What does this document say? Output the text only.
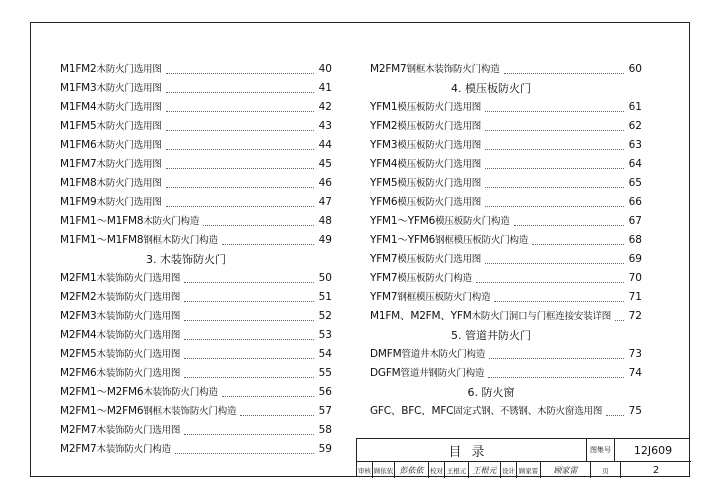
M1FM2木防火门选用图	40
M1FM3木防火门选用图	41
M1FM4木防火门选用图	42
M1FM5木防火门选用图	43
M1FM6木防火门选用图	44
M1FM7木防火门选用图	45
M1FM8木防火门选用图	46
M1FM9木防火门选用图	47
M1FM1～M1FM8木防火门构造	48
M1FM1～M1FM8钢框木防火门构造	49
3. 木装饰防火门
M2FM1木装饰防火门选用图	50
M2FM2木装饰防火门选用图	51
M2FM3木装饰防火门选用图	52
M2FM4木装饰防火门选用图	53
M2FM5木装饰防火门选用图	54
M2FM6木装饰防火门选用图	55
M2FM1～M2FM6木装饰防火门构造	56
M2FM1～M2FM6钢框木装饰防火门构造	57
M2FM7木装饰防火门选用图	58
M2FM7木装饰防火门构造	59
M2FM7钢框木装饰防火门构造	60
4. 模压板防火门
YFM1模压板防火门选用图	61
YFM2模压板防火门选用图	62
YFM3模压板防火门选用图	63
YFM4模压板防火门选用图	64
YFM5模压板防火门选用图	65
YFM6模压板防火门选用图	66
YFM1～YFM6模压板防火门构造	67
YFM1～YFM6钢框模压板防火门构造	68
YFM7模压板防火门选用图	69
YFM7模压板防火门构造	70
YFM7钢框模压板防火门构造	71
M1FM、M2FM、YFM木防火门洞口与门框连接安装详图 72
5. 管道井防火门
DMFM管道井木防火门构造	73
DGFM管道井钢防火门构造	74
6. 防火窗
GFC、BFC、MFC固定式钢、不锈钢、木防火窗选用图	75
目录	图集号	12J609
审核 顾依依 彭依依	校对 王根元 王根元 设计 顾家雷	顾家雷	页	2
